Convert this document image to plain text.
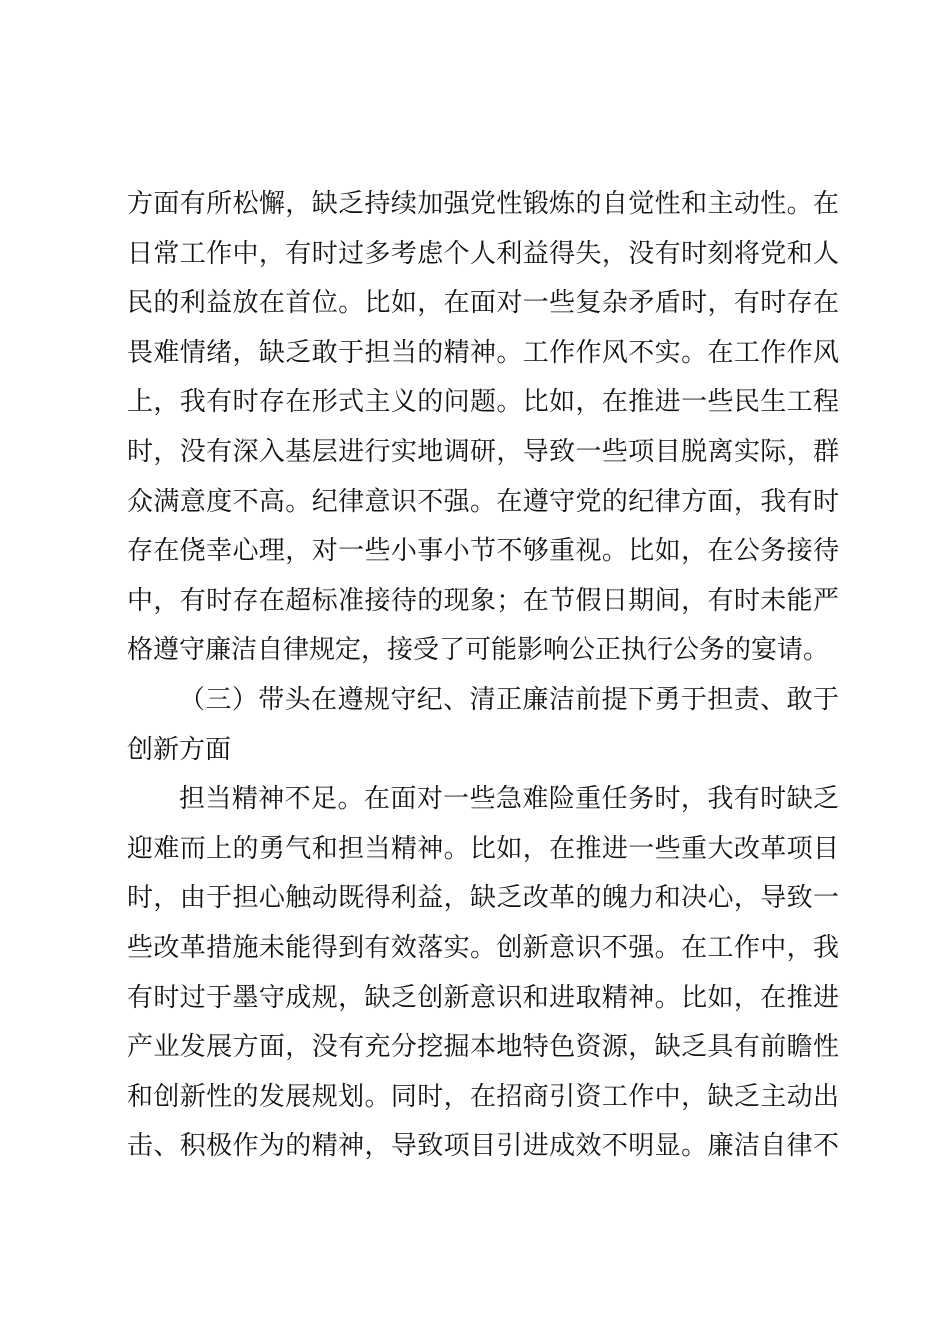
方面有所松懈，缺乏持续加强党性锻炼的自觉性和主动性。在
日常工作中，有时过多考虑个人利益得失，没有时刻将党和人
民的利益放在首位。比如，在面对一些复杂矛盾时，有时存在
畏难情绪，缺乏敢于担当的精神。工作作风不实。在工作作风
上，我有时存在形式主义的问题。比如，在推进一些民生工程
时，没有深入基层进行实地调研，导致一些项目脱离实际，群
众满意度不高。纪律意识不强。在遵守党的纪律方面，我有时
存在侥幸心理，对一些小事小节不够重视。比如，在公务接待
中，有时存在超标准接待的现象；在节假日期间，有时未能严
格遵守廉洁自律规定，接受了可能影响公正执行公务的宴请。
（三）带头在遵规守纪、清正廉洁前提下勇于担责、敢于
创新方面
担当精神不足。在面对一些急难险重任务时，我有时缺乏
迎难而上的勇气和担当精神。比如，在推进一些重大改革项目
时，由于担心触动既得利益，缺乏改革的魄力和决心，导致一
些改革措施未能得到有效落实。创新意识不强。在工作中，我
有时过于墨守成规，缺乏创新意识和进取精神。比如，在推进
产业发展方面，没有充分挖掘本地特色资源，缺乏具有前瞻性
和创新性的发展规划。同时，在招商引资工作中，缺乏主动出
击、积极作为的精神，导致项目引进成效不明显。廉洁自律不
